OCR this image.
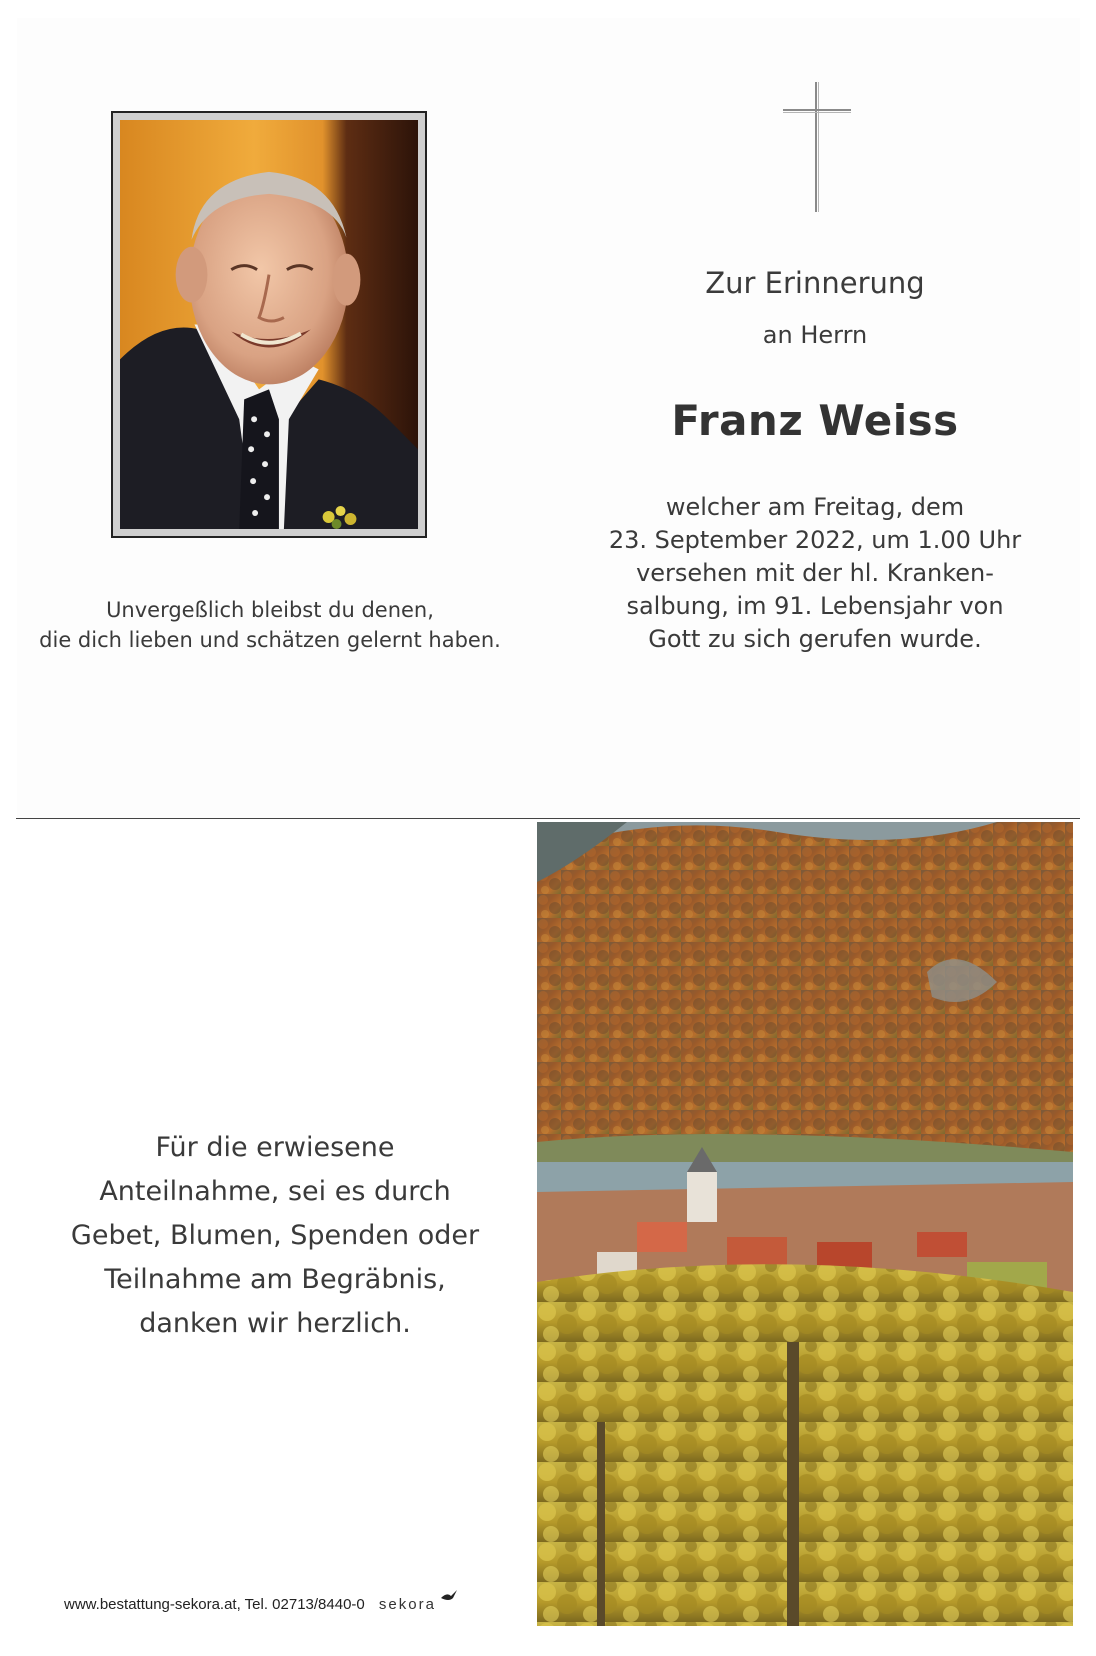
Zur Erinnerung
an Herrn
Franz Weiss
welcher am Freitag, dem
23. September 2022, um 1.00 Uhr
versehen mit der hl. Kranken-
salbung, im 91. Lebensjahr von
Gott zu sich gerufen wurde.
Unvergeßlich bleibst du denen,
die dich lieben und schätzen gelernt haben.
Für die erwiesene
Anteilnahme, sei es durch
Gebet, Blumen, Spenden oder
Teilnahme am Begräbnis,
danken wir herzlich.
www.bestattung-sekora.at, Tel. 02713/8440-0 sekora
